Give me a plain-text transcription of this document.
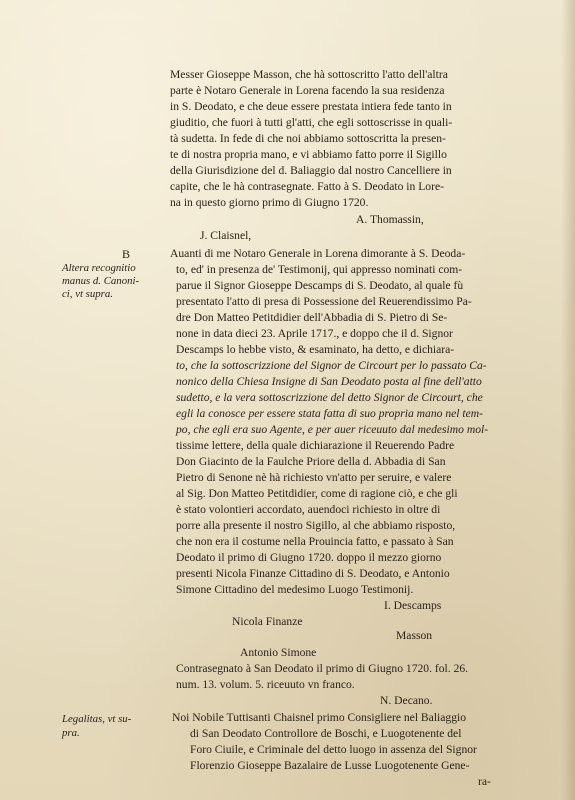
Messer Gioseppe Masson, che hà sottoscritto l'atto dell'altra
parte è Notaro Generale in Lorena facendo la sua residenza
in S. Deodato, e che deue essere prestata intiera fede tanto in
giuditio, che fuori à tutti gl'atti, che egli sottoscrisse in quali-
tà sudetta. In fede di che noi abbiamo sottoscritta la presen-
te di nostra propria mano, e vi abbiamo fatto porre il Sigillo
della Giurisdizione del d. Baliaggio dal nostro Cancelliere in
capite, che le hà contrasegnate. Fatto à S. Deodato in Lore-
na in questo giorno primo di Giugno 1720.
A. Thomassin,
J. Claisnel,
B
Altera recognitio
manus d. Canoni-
ci, vt supra.
Auanti di me Notaro Generale in Lorena dimorante à S. Deoda-
to, ed' in presenza de' Testimonij, qui appresso nominati com-
parue il Signor Gioseppe Descamps di S. Deodato, al quale fù
presentato l'atto di presa di Possessione del Reuerendissimo Pa-
dre Don Matteo Petitdidier dell'Abbadia di S. Pietro di Se-
none in data dieci 23. Aprile 1717., e doppo che il d. Signor
Descamps lo hebbe visto, & esaminato, ha detto, e dichiara-
to, che la sottoscrizzione del Signor de Circourt per lo passato Ca-
nonico della Chiesa Insigne di San Deodato posta al fine dell'atto
sudetto, e la vera sottoscrizzione del detto Signor de Circourt, che
egli la conosce per essere stata fatta di suo propria mano nel tem-
po, che egli era suo Agente, e per auer riceuuto dal medesimo mol-
tissime lettere, della quale dichiarazione il Reuerendo Padre
Don Giacinto de la Faulche Priore della d. Abbadia di San
Pietro di Senone nè hà richiesto vn'atto per seruire, e valere
al Sig. Don Matteo Petitdidier, come di ragione ciò, e che gli
è stato volontieri accordato, auendoci richiesto in oltre di
porre alla presente il nostro Sigillo, al che abbiamo risposto,
che non era il costume nella Prouincia fatto, e passato à San
Deodato il primo di Giugno 1720. doppo il mezzo giorno
presenti Nicola Finanze Cittadino di S. Deodato, e Antonio
Simone Cittadino del medesimo Luogo Testimonij.
I. Descamps
Nicola Finanze
Masson
Antonio Simone
Contrasegnato à San Deodato il primo di Giugno 1720. fol. 26.
num. 13. volum. 5. riceuuto vn franco.
N. Decano.
Legalitas, vt su-
pra.
Noi Nobile Tuttisanti Chaisnel primo Consigliere nel Baliaggio
di San Deodato Controllore de Boschi, e Luogotenente del
Foro Ciuile, e Criminale del detto luogo in assenza del Signor
Florenzio Gioseppe Bazalaire de Lusse Luogotenente Gene-
ra-
